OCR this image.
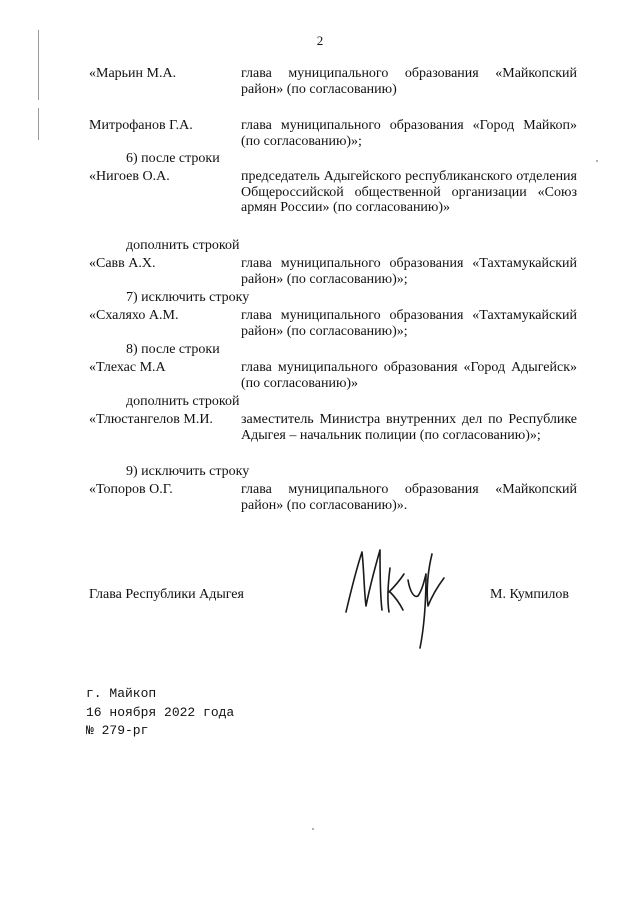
2
«Марьин М.А.	глава муниципального образования «Майкопский район» (по согласованию)
Митрофанов Г.А.	глава муниципального образования «Город Майкоп» (по согласованию)»;
6) после строки
«Нигоев О.А.	председатель Адыгейского республиканского отделения Общероссийской общественной организации «Союз армян России» (по согласованию)»
дополнить строкой
«Савв А.Х.	глава муниципального образования «Тахтамукайский район» (по согласованию)»;
7) исключить строку
«Схаляхо А.М.	глава муниципального образования «Тахтамукайский район» (по согласованию)»;
8) после строки
«Тлехас М.А	глава муниципального образования «Город Адыгейск» (по согласованию)»
дополнить строкой
«Тлюстангелов М.И.	заместитель Министра внутренних дел по Республике Адыгея – начальник полиции (по согласованию)»;
9) исключить строку
«Топоров О.Г.	глава муниципального образования «Майкопский район» (по согласованию)».
Глава Республики Адыгея	М. Кумпилов
г. Майкоп
16 ноября 2022 года
№ 279-рг
